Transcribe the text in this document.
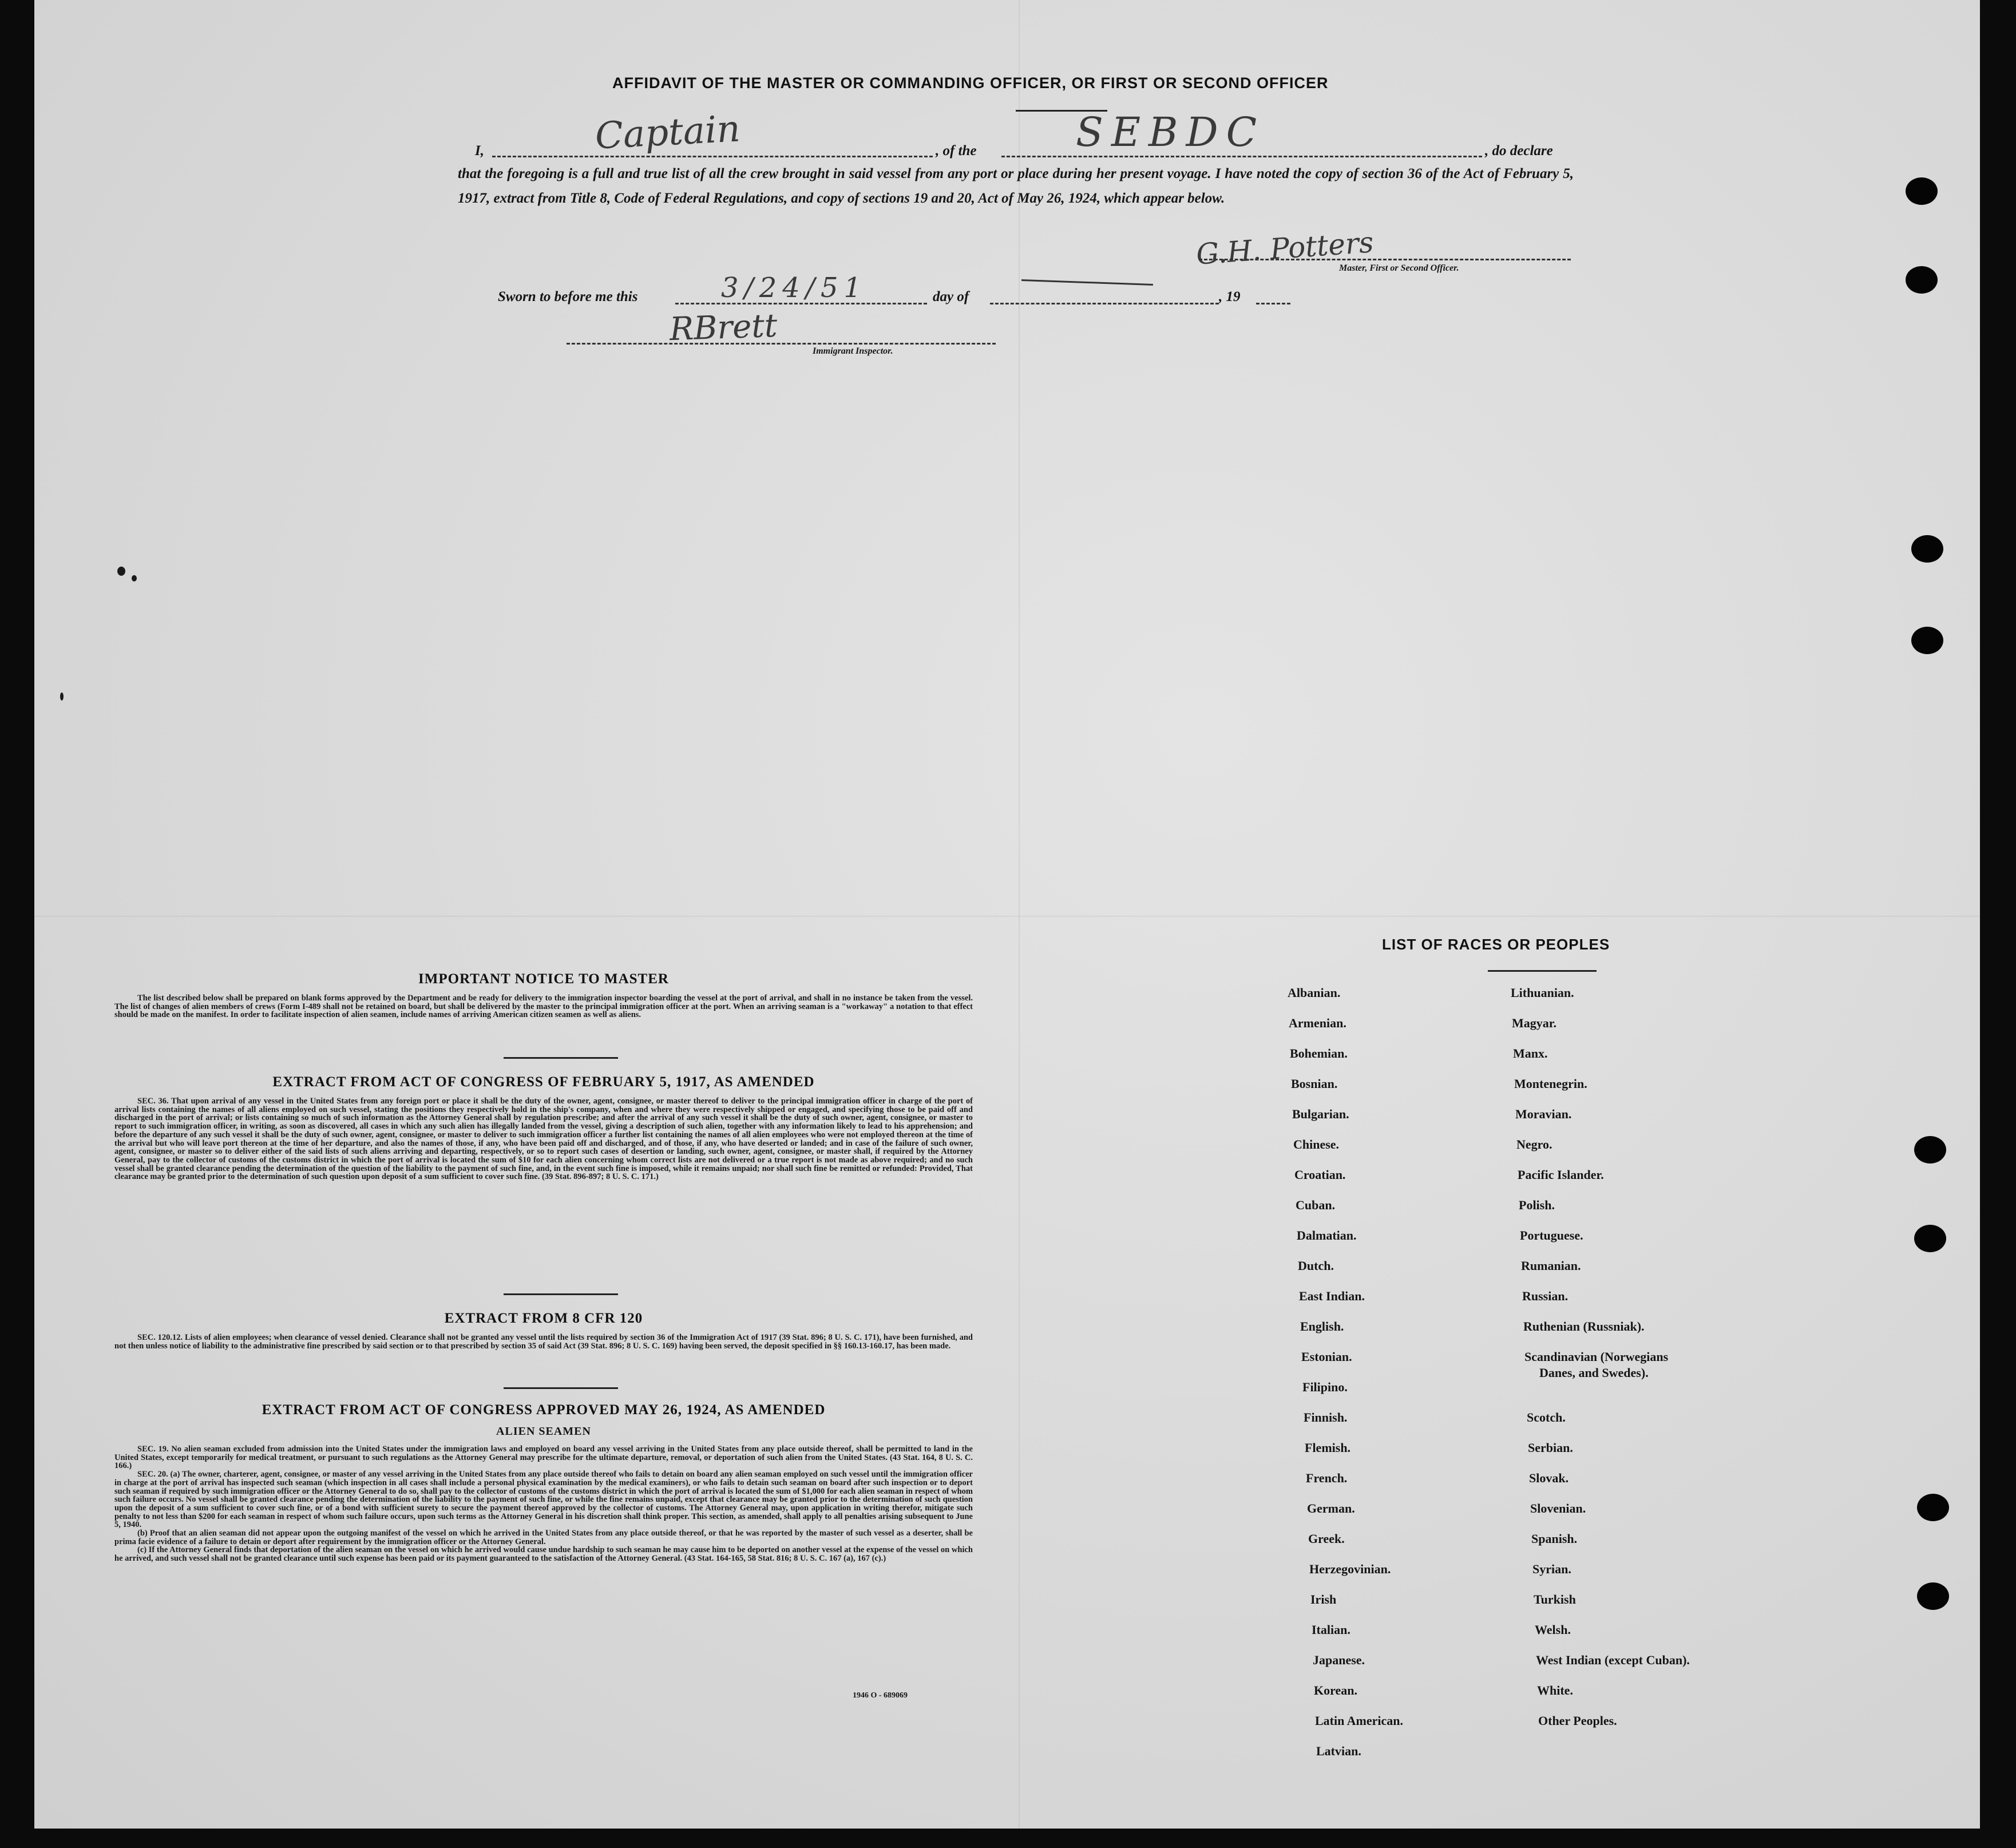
AFFIDAVIT OF THE MASTER OR COMMANDING OFFICER, OR FIRST OR SECOND OFFICER
I,	Captain	, of the SEBDC	, do declare
that the foregoing is a full and true list of all the crew brought in said vessel from any port or place during her present voyage. I have noted the copy of section 36 of the Act of February 5, 1917, extract from Title 8, Code of Federal Regulations, and copy of sections 19 and 20, Act of May 26, 1924, which appear below.
G.H. Potters
Master, First or Second Officer.
Sworn to before me this	3/24/51	day of	, 19
RBrett
Immigrant Inspector.
IMPORTANT NOTICE TO MASTER

The list described below shall be prepared on blank forms approved by the Department and be ready for delivery to the immigration inspector boarding the vessel at the port of arrival, and shall in no instance be taken from the vessel. The list of changes of alien members of crews (Form I-489 shall not be retained on board, but shall be delivered by the master to the principal immigration officer at the port. When an arriving seaman is a "workaway" a notation to that effect should be made on the manifest. In order to facilitate inspection of alien seamen, include names of arriving American citizen seamen as well as aliens.

EXTRACT FROM ACT OF CONGRESS OF FEBRUARY 5, 1917, AS AMENDED

SEC. 36. That upon arrival of any vessel in the United States from any foreign port or place it shall be the duty of the owner, agent, consignee, or master thereof to deliver to the principal immigration officer in charge of the port of arrival lists containing the names of all aliens employed on such vessel, stating the positions they respectively hold in the ship's company, when and where they were respectively shipped or engaged, and specifying those to be paid off and discharged in the port of arrival; or lists containing so much of such information as the Attorney General shall by regulation prescribe; and after the arrival of any such vessel it shall be the duty of such owner, agent, consignee, or master to report to such immigration officer, in writing, as soon as discovered, all cases in which any such alien has illegally landed from the vessel, giving a description of such alien, together with any information likely to lead to his apprehension; and before the departure of any such vessel it shall be the duty of such owner, agent, consignee, or master to deliver to such immigration officer a further list containing the names of all alien employees who were not employed thereon at the time of the arrival but who will leave port thereon at the time of her departure, and also the names of those, if any, who have been paid off and discharged, and of those, if any, who have deserted or landed; and in case of the failure of such owner, agent, consignee, or master so to deliver either of the said lists of such aliens arriving and departing, respectively, or so to report such cases of desertion or landing, such owner, agent, consignee, or master shall, if required by the Attorney General, pay to the collector of customs of the customs district in which the port of arrival is located the sum of $10 for each alien concerning whom correct lists are not delivered or a true report is not made as above required; and no such vessel shall be granted clearance pending the determination of the question of the liability to the payment of such fine, and, in the event such fine is imposed, while it remains unpaid; nor shall such fine be remitted or refunded: Provided, That clearance may be granted prior to the determination of such question upon deposit of a sum sufficient to cover such fine. (39 Stat. 896-897; 8 U. S. C. 171.)

EXTRACT FROM 8 CFR 120

SEC. 120.12. Lists of alien employees; when clearance of vessel denied. Clearance shall not be granted any vessel until the lists required by section 36 of the Immigration Act of 1917 (39 Stat. 896; 8 U. S. C. 171), have been furnished, and not then unless notice of liability to the administrative fine prescribed by said section or to that prescribed by section 35 of said Act (39 Stat. 896; 8 U. S. C. 169) having been served, the deposit specified in §§ 160.13-160.17, has been made.

EXTRACT FROM ACT OF CONGRESS APPROVED MAY 26, 1924, AS AMENDED
ALIEN SEAMEN

SEC. 19. No alien seaman excluded from admission into the United States under the immigration laws and employed on board any vessel arriving in the United States from any place outside thereof, shall be permitted to land in the United States, except temporarily for medical treatment, or pursuant to such regulations as the Attorney General may prescribe for the ultimate departure, removal, or deportation of such alien from the United States. (43 Stat. 164, 8 U. S. C. 166.)

SEC. 20. (a) The owner, charterer, agent, consignee, or master of any vessel arriving in the United States from any place outside thereof who fails to detain on board any alien seaman employed on such vessel until the immigration officer in charge at the port of arrival has inspected such seaman (which inspection in all cases shall include a personal physical examination by the medical examiners), or who fails to detain such seaman on board after such inspection or to deport such seaman if required by such immigration officer or the Attorney General to do so, shall pay to the collector of customs of the customs district in which the port of arrival is located the sum of $1,000 for each alien seaman in respect of whom such failure occurs. No vessel shall be granted clearance pending the determination of the liability to the payment of such fine, or while the fine remains unpaid, except that clearance may be granted prior to the determination of such question upon the deposit of a sum sufficient to cover such fine, or of a bond with sufficient surety to secure the payment thereof approved by the collector of customs. The Attorney General may, upon application in writing therefor, mitigate such penalty to not less than $200 for each seaman in respect of whom such failure occurs, upon such terms as the Attorney General in his discretion shall think proper. This section, as amended, shall apply to all penalties arising subsequent to June 5, 1940.

(b) Proof that an alien seaman did not appear upon the outgoing manifest of the vessel on which he arrived in the United States from any place outside thereof, or that he was reported by the master of such vessel as a deserter, shall be prima facie evidence of a failure to detain or deport after requirement by the immigration officer or the Attorney General.

(c) If the Attorney General finds that deportation of the alien seaman on the vessel on which he arrived would cause undue hardship to such seaman he may cause him to be deported on another vessel at the expense of the vessel on which he arrived, and such vessel shall not be granted clearance until such expense has been paid or its payment guaranteed to the satisfaction of the Attorney General. (43 Stat. 164-165, 58 Stat. 816; 8 U. S. C. 167 (a), 167 (c).)

1946 O - 689069
LIST OF RACES OR PEOPLES
Albanian.
Armenian.
Bohemian.
Bosnian.
Bulgarian.
Chinese.
Croatian.
Cuban.
Dalmatian.
Dutch.
East Indian.
English.
Estonian.
Filipino.
Finnish.
Flemish.
French.
German.
Greek.
Herzegovinian.
Irish
Italian.
Japanese.
Korean.
Latin American.
Latvian.
Lithuanian.
Magyar.
Manx.
Montenegrin.
Moravian.
Negro.
Pacific Islander.
Polish.
Portuguese.
Rumanian.
Russian.
Ruthenian (Russniak).
Scandinavian (Norwegians
Danes, and Swedes).
Scotch.
Serbian.
Slovak.
Slovenian.
Spanish.
Syrian.
Turkish
Welsh.
West Indian (except Cuban).
White.
Other Peoples.
